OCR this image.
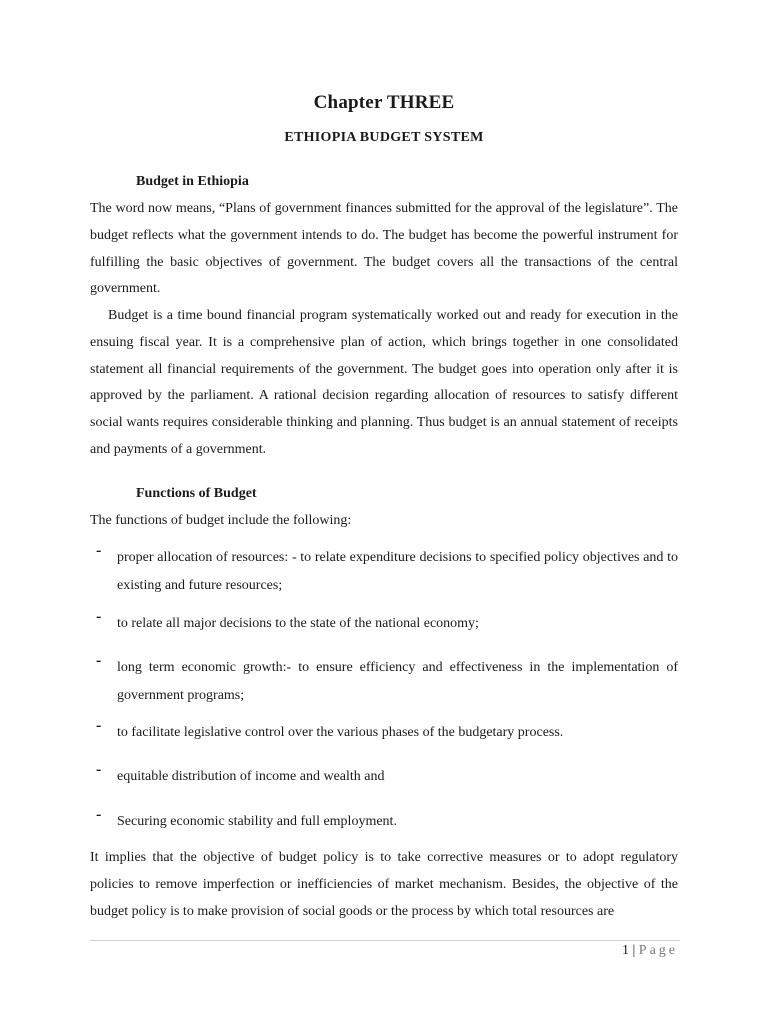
Chapter THREE
ETHIOPIA BUDGET SYSTEM
Budget in Ethiopia

The word now means, “Plans of government finances submitted for the approval of the legislature”. The budget reflects what the government intends to do. The budget has become the powerful instrument for fulfilling the basic objectives of government. The budget covers all the transactions of the central government.

Budget is a time bound financial program systematically worked out and ready for execution in the ensuing fiscal year. It is a comprehensive plan of action, which brings together in one consolidated statement all financial requirements of the government. The budget goes into operation only after it is approved by the parliament. A rational decision regarding allocation of resources to satisfy different social wants requires considerable thinking and planning. Thus budget is an annual statement of receipts and payments of a government.

Functions of Budget

The functions of budget include the following:

- proper allocation of resources: - to relate expenditure decisions to specified policy objectives and to existing and future resources;
- to relate all major decisions to the state of the national economy;
- long term economic growth:- to ensure efficiency and effectiveness in the implementation of government programs;
- to facilitate legislative control over the various phases of the budgetary process.
- equitable distribution of income and wealth and
- Securing economic stability and full employment.

It implies that the objective of budget policy is to take corrective measures or to adopt regulatory policies to remove imperfection or inefficiencies of market mechanism. Besides, the objective of the budget policy is to make provision of social goods or the process by which total resources are

1 | Page
